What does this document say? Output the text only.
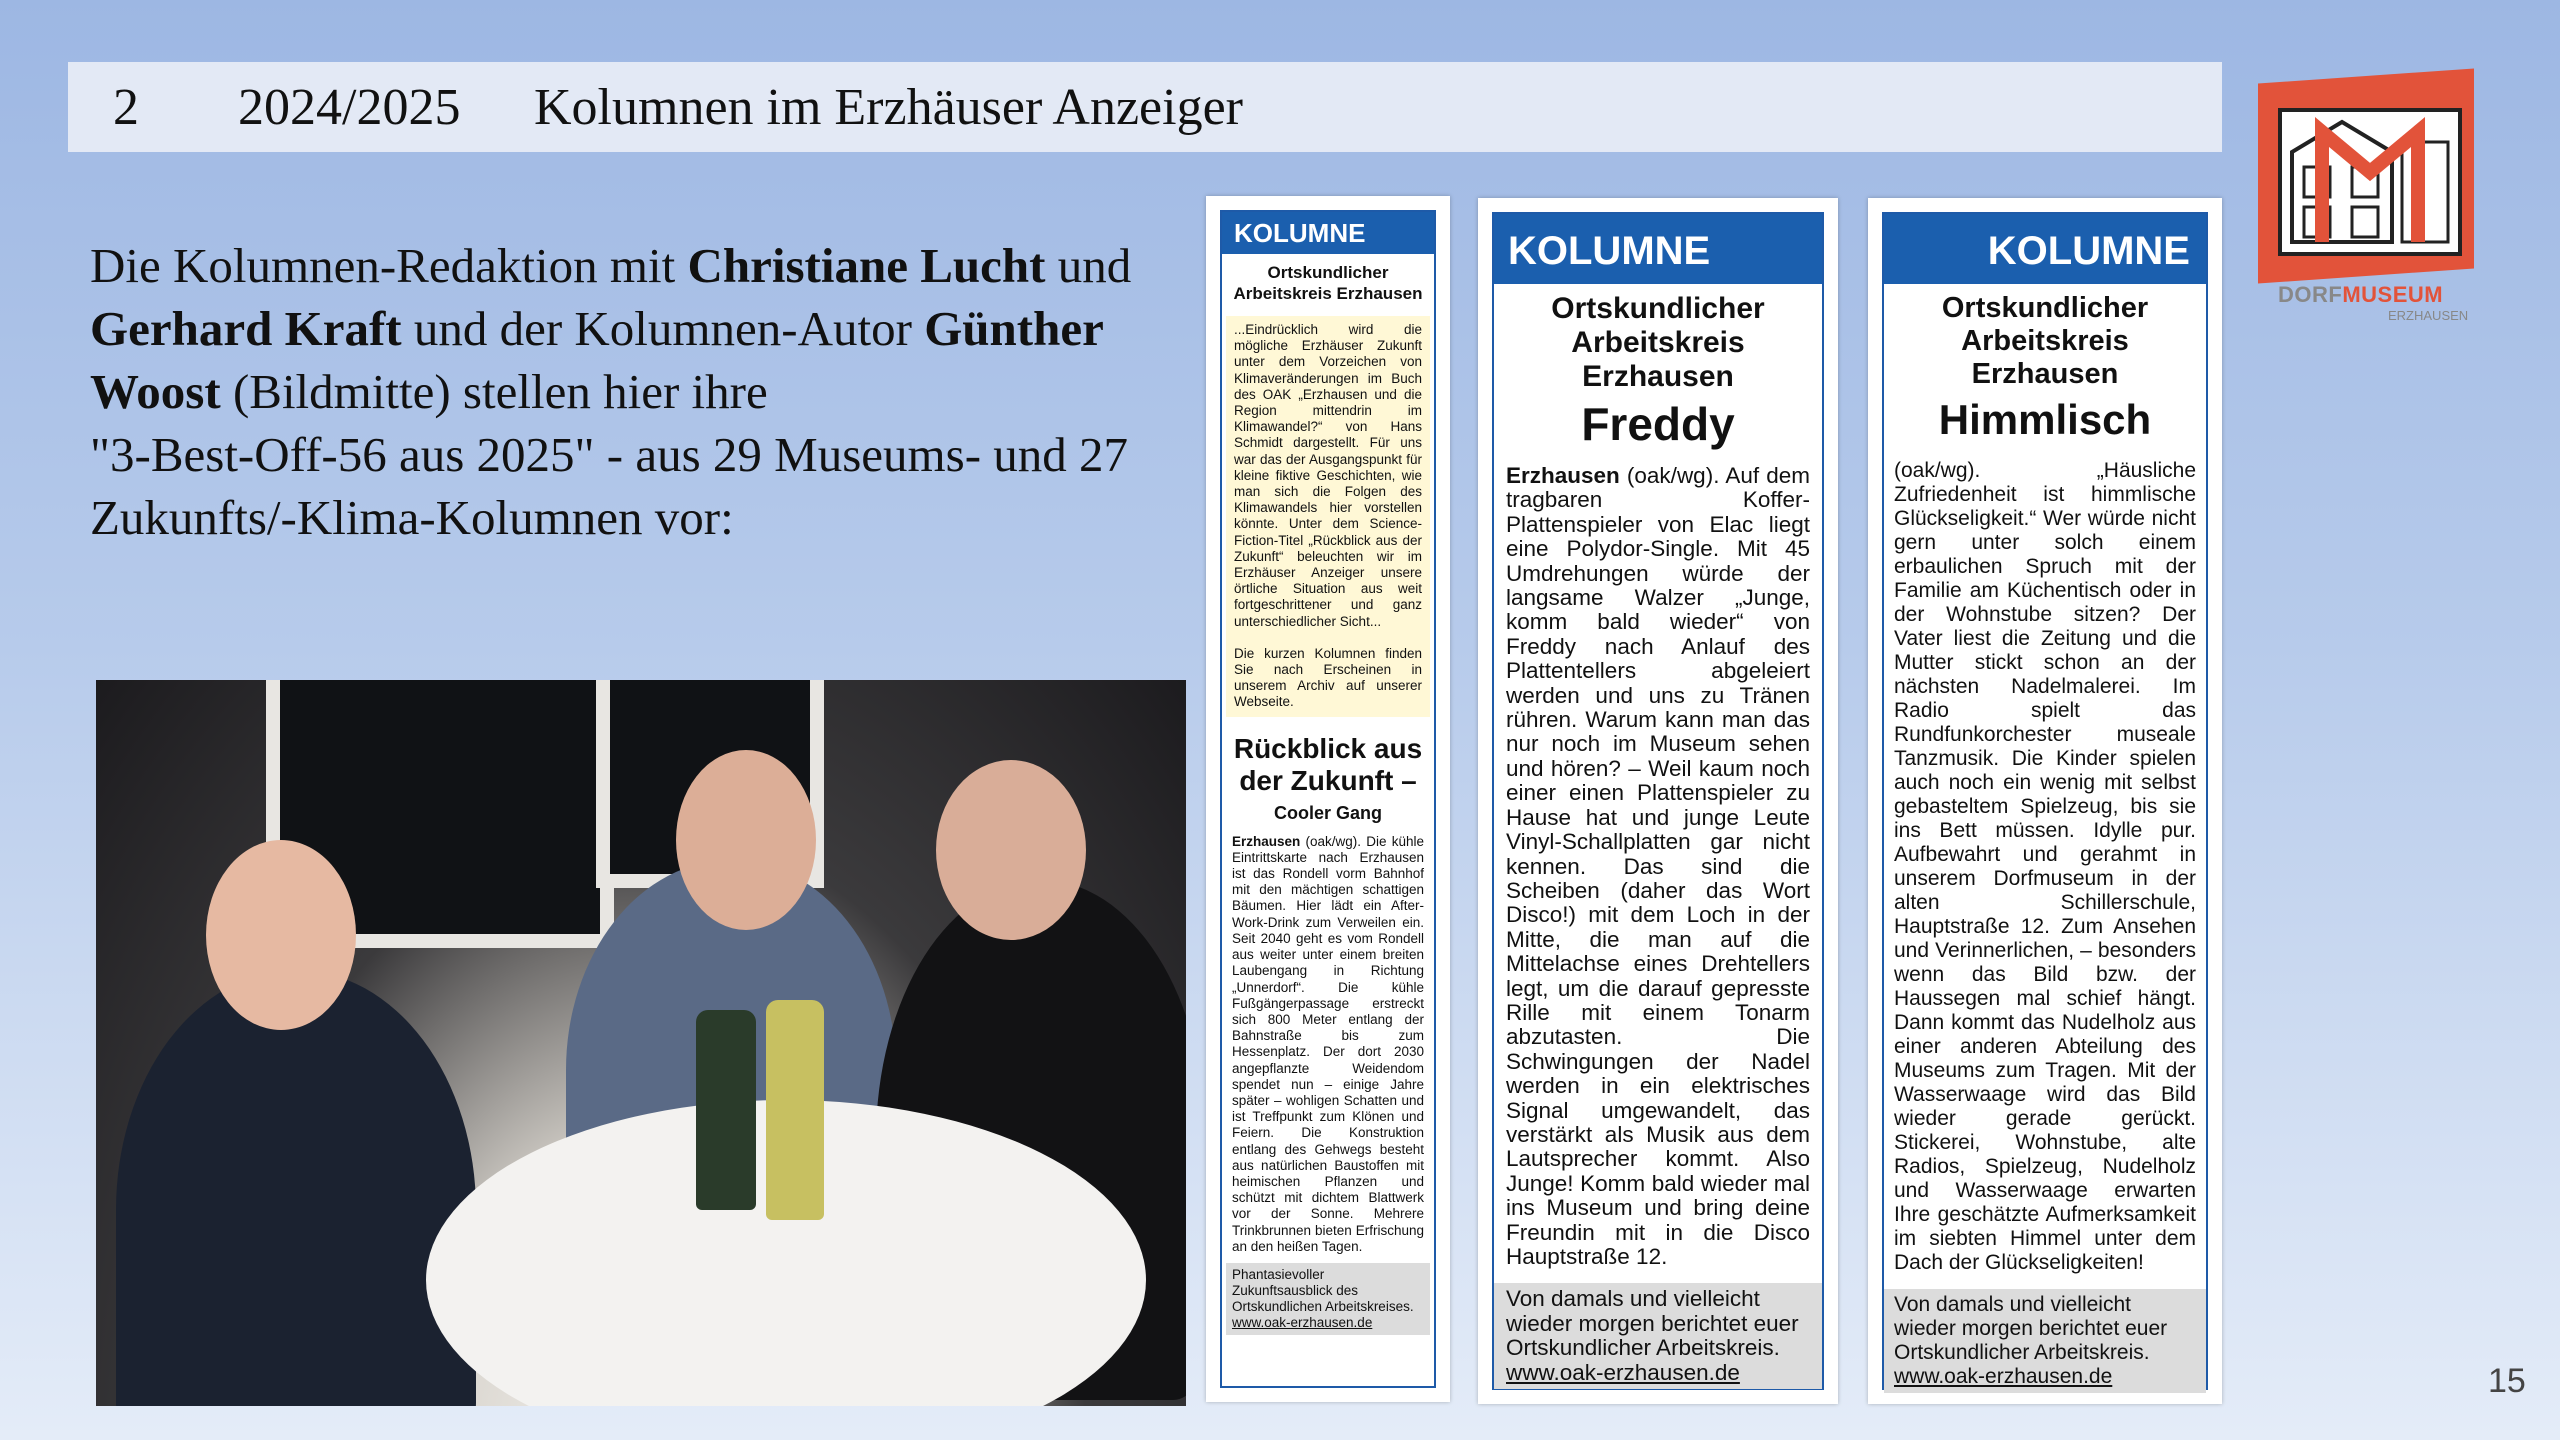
2 2024/2025 Kolumnen im Erzhäuser Anzeiger
Die Kolumnen-Redaktion mit Christiane Lucht und Gerhard Kraft und der Kolumnen-Autor Günther Woost (Bildmitte) stellen hier ihre
"3-Best-Off-56 aus 2025" - aus 29 Museums- und 27 Zukunfts/-Klima-Kolumnen vor:
KOLUMNE
Ortskundlicher Arbeitskreis Erzhausen

...Eindrücklich wird die mögliche Erzhäuser Zukunft unter dem Vorzeichen von Klimaveränderungen im Buch des OAK „Erzhausen und die Region mittendrin im Klimawandel?“ von Hans Schmidt dargestellt. Für uns war das der Ausgangspunkt für kleine fiktive Geschichten, wie man sich die Folgen des Klimawandels hier vorstellen könnte. Unter dem Science-Fiction-Titel „Rückblick aus der Zukunft“ beleuchten wir im Erzhäuser Anzeiger unsere örtliche Situation aus weit fortgeschrittener und ganz unterschiedlicher Sicht...

Die kurzen Kolumnen finden Sie nach Erscheinen in unserem Archiv auf unserer Webseite.

Rückblick aus der Zukunft –
Cooler Gang
Erzhausen (oak/wg). Die kühle Eintrittskarte nach Erzhausen ist das Rondell vorm Bahnhof mit den mächtigen schattigen Bäumen. Hier lädt ein After-Work-Drink zum Verweilen ein. Seit 2040 geht es vom Rondell aus weiter unter einem breiten Laubengang in Richtung „Unnerdorf“. Die kühle Fußgängerpassage erstreckt sich 800 Meter entlang der Bahnstraße bis zum Hessenplatz. Der dort 2030 angepflanzte Weidendom spendet nun – einige Jahre später – wohligen Schatten und ist Treffpunkt zum Klönen und Feiern. Die Konstruktion entlang des Gehwegs besteht aus natürlichen Baustoffen mit heimischen Pflanzen und schützt mit dichtem Blattwerk vor der Sonne. Mehrere Trinkbrunnen bieten Erfrischung an den heißen Tagen.
Phantasievoller Zukunftsausblick des Ortskundlichen Arbeitskreises.
www.oak-erzhausen.de
KOLUMNE
Ortskundlicher Arbeitskreis Erzhausen
Freddy
Erzhausen (oak/wg). Auf dem tragbaren Koffer-Plattenspieler von Elac liegt eine Polydor-Single. Mit 45 Umdrehungen würde der langsame Walzer „Junge, komm bald wieder“ von Freddy nach Anlauf des Plattentellers abgeleiert werden und uns zu Tränen rühren. Warum kann man das nur noch im Museum sehen und hören? – Weil kaum noch einer einen Plattenspieler zu Hause hat und junge Leute Vinyl-Schallplatten gar nicht kennen. Das sind die Scheiben (daher das Wort Disco!) mit dem Loch in der Mitte, die man auf die Mittelachse eines Drehtellers legt, um die darauf gepresste Rille mit einem Tonarm abzutasten. Die Schwingungen der Nadel werden in ein elektrisches Signal umgewandelt, das verstärkt als Musik aus dem Lautsprecher kommt. Also Junge! Komm bald wieder mal ins Museum und bring deine Freundin mit in die Disco Hauptstraße 12.
Von damals und vielleicht wieder morgen berichtet euer Ortskundlicher Arbeitskreis.
www.oak-erzhausen.de
KOLUMNE
Ortskundlicher Arbeitskreis Erzhausen
Himmlisch
(oak/wg). „Häusliche Zufriedenheit ist himmlische Glückseligkeit.“ Wer würde nicht gern unter solch einem erbaulichen Spruch mit der Familie am Küchentisch oder in der Wohnstube sitzen? Der Vater liest die Zeitung und die Mutter stickt schon an der nächsten Nadelmalerei. Im Radio spielt das Rundfunkorchester museale Tanzmusik. Die Kinder spielen auch noch ein wenig mit selbst gebasteltem Spielzeug, bis sie ins Bett müssen. Idylle pur. Aufbewahrt und gerahmt in unserem Dorfmuseum in der alten Schillerschule, Hauptstraße 12. Zum Ansehen und Verinnerlichen, – besonders wenn das Bild bzw. der Haussegen mal schief hängt. Dann kommt das Nudelholz aus einer anderen Abteilung des Museums zum Tragen. Mit der Wasserwaage wird das Bild wieder gerade gerückt. Stickerei, Wohnstube, alte Radios, Spielzeug, Nudelholz und Wasserwaage erwarten Ihre geschätzte Aufmerksamkeit im siebten Himmel unter dem Dach der Glückseligkeiten!
Von damals und vielleicht wieder morgen berichtet euer Ortskundlicher Arbeitskreis.
www.oak-erzhausen.de
DORFMUSEUM
ERZHAUSEN
15
